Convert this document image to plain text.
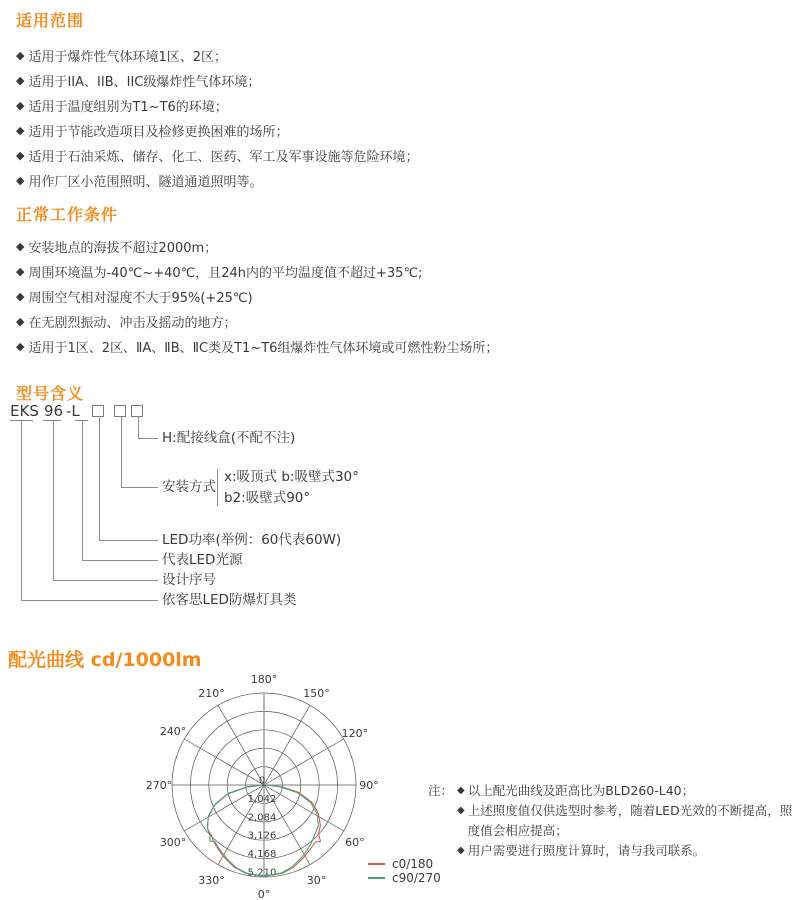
适用范围
◆ 适用于爆炸性气体环境1区、2区；
◆ 适用于IIA、IIB、IIC级爆炸性气体环境；
◆ 适用于温度组别为T1~T6的环境；
◆ 适用于节能改造项目及检修更换困难的场所；
◆ 适用于石油采炼、储存、化工、医药、军工及军事设施等危险环境；
◆ 用作厂区小范围照明、隧道通道照明等。
正常工作条件
◆ 安装地点的海拔不超过2000m；
◆ 周围环境温为-40℃~+40℃，且24h内的平均温度值不超过+35℃;
◆ 周围空气相对湿度不大于95%(+25℃)
◆ 在无剧烈振动、冲击及摇动的地方；
◆ 适用于1区、2区、ⅡA、ⅡB、ⅡC类及T1~T6组爆炸性气体环境或可燃性粉尘场所；
型号含义
EKS 96 -L
H:配接线盒(不配不注)
安装方式
x:吸顶式 b:吸壁式30°
b2:吸壁式90°
LED功率(举例：60代表60W)
代表LED光源
设计序号
依客思LED防爆灯具类
配光曲线 cd/1000lm
0°
30°
60°
90°
120°
150°
180°
210°
240°
270°
300°
330°
0
1,042
2,084
3,126
4,168
5,210
c0/180
c90/270
注： ◆ 以上配光曲线及距高比为BLD260-L40；
◆ 上述照度值仅供选型时参考，随着LED光效的不断提高，照度值会相应提高；
◆ 用户需要进行照度计算时，请与我司联系。
